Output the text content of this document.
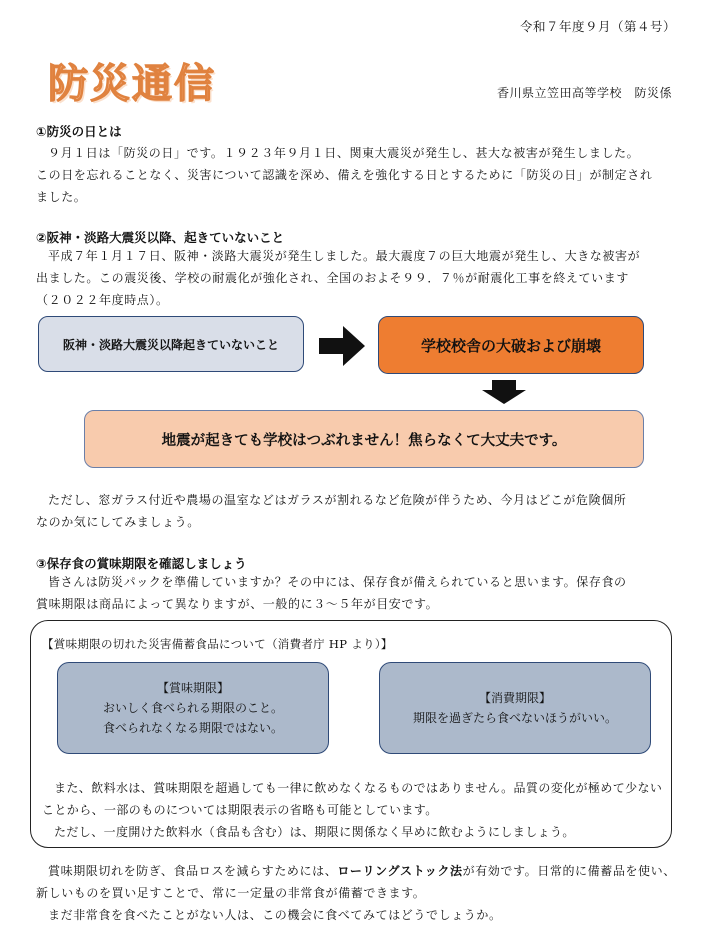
令和７年度９月（第４号）
防災通信	香川県立笠田高等学校　防災係
①防災の日とは
９月１日は「防災の日」です。１９２３年９月１日、関東大震災が発生し、甚大な被害が発生しました。
この日を忘れることなく、災害について認識を深め、備えを強化する日とするために「防災の日」が制定され
ました。
②阪神・淡路大震災以降、起きていないこと
平成７年１月１７日、阪神・淡路大震災が発生しました。最大震度７の巨大地震が発生し、大きな被害が
出ました。この震災後、学校の耐震化が強化され、全国のおよそ９９．７％が耐震化工事を終えています
（２０２２年度時点）。
阪神・淡路大震災以降起きていないこと	学校校舎の大破および崩壊
地震が起きても学校はつぶれません！焦らなくて大丈夫です。
ただし、窓ガラス付近や農場の温室などはガラスが割れるなど危険が伴うため、今月はどこが危険個所
なのか気にしてみましょう。
③保存食の賞味期限を確認しましょう
皆さんは防災パックを準備していますか？その中には、保存食が備えられていると思います。保存食の
賞味期限は商品によって異なりますが、一般的に３～５年が目安です。
【賞味期限の切れた災害備蓄食品について（消費者庁 HP より）】
【賞味期限】
おいしく食べられる期限のこと。
食べられなくなる期限ではない。
【消費期限】
期限を過ぎたら食べないほうがいい。
また、飲料水は、賞味期限を超過しても一律に飲めなくなるものではありません。品質の変化が極めて少ない
ことから、一部のものについては期限表示の省略も可能としています。
ただし、一度開けた飲料水（食品も含む）は、期限に関係なく早めに飲むようにしましょう。
賞味期限切れを防ぎ、食品ロスを減らすためには、ローリングストック法が有効です。日常的に備蓄品を使い、
新しいものを買い足すことで、常に一定量の非常食が備蓄できます。
まだ非常食を食べたことがない人は、この機会に食べてみてはどうでしょうか。
